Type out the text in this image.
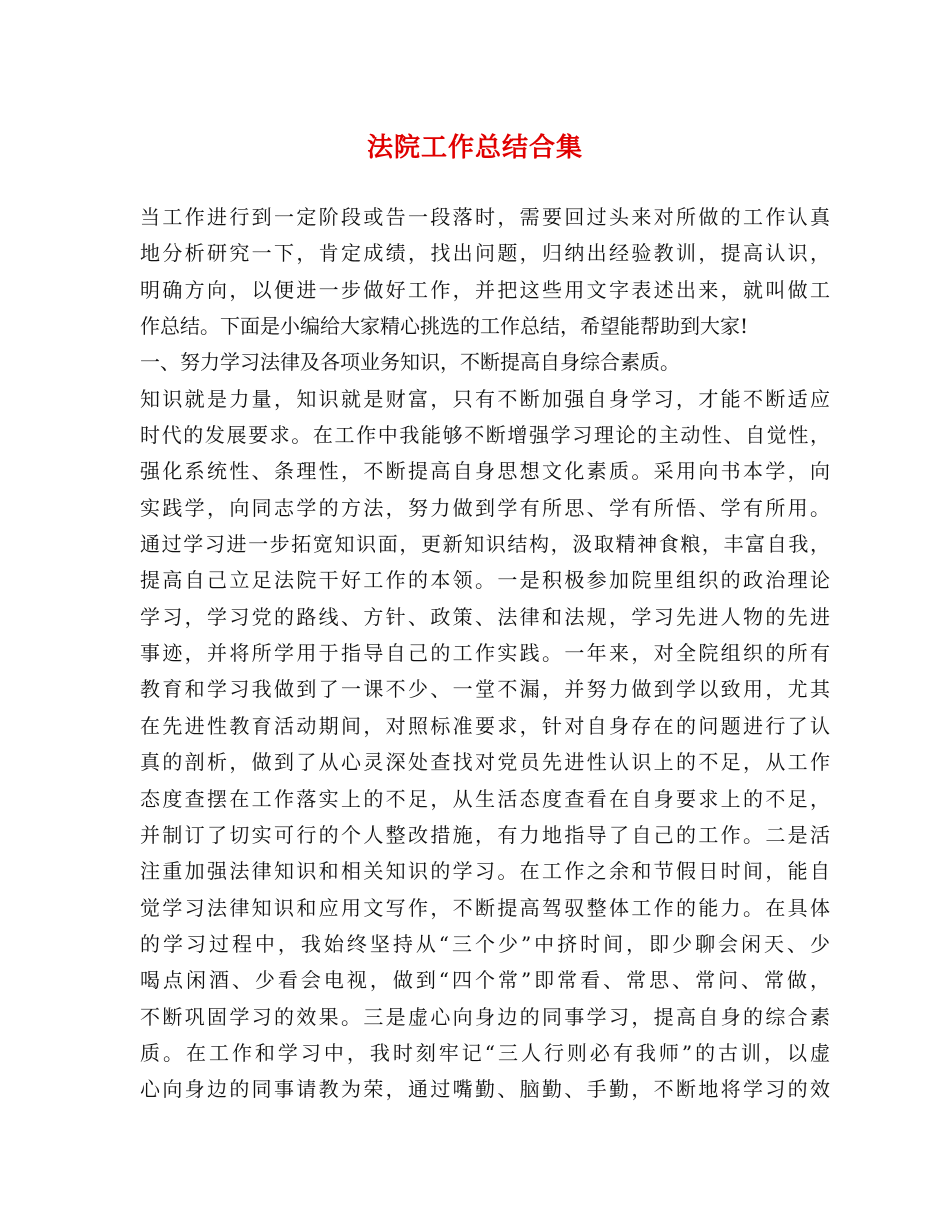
法院工作总结合集
当工作进行到一定阶段或告一段落时，需要回过头来对所做的工作认真
地分析研究一下，肯定成绩，找出问题，归纳出经验教训，提高认识，
明确方向，以便进一步做好工作，并把这些用文字表述出来，就叫做工
作总结。下面是小编给大家精心挑选的工作总结，希望能帮助到大家!
一、努力学习法律及各项业务知识，不断提高自身综合素质。
知识就是力量，知识就是财富，只有不断加强自身学习，才能不断适应
时代的发展要求。在工作中我能够不断增强学习理论的主动性、自觉性，
强化系统性、条理性，不断提高自身思想文化素质。采用向书本学，向
实践学，向同志学的方法，努力做到学有所思、学有所悟、学有所用。
通过学习进一步拓宽知识面，更新知识结构，汲取精神食粮，丰富自我，
提高自己立足法院干好工作的本领。一是积极参加院里组织的政治理论
学习，学习党的路线、方针、政策、法律和法规，学习先进人物的先进
事迹，并将所学用于指导自己的工作实践。一年来，对全院组织的所有
教育和学习我做到了一课不少、一堂不漏，并努力做到学以致用，尤其
在先进性教育活动期间，对照标准要求，针对自身存在的问题进行了认
真的剖析，做到了从心灵深处查找对党员先进性认识上的不足，从工作
态度查摆在工作落实上的不足，从生活态度查看在自身要求上的不足，
并制订了切实可行的个人整改措施，有力地指导了自己的工作。二是活
注重加强法律知识和相关知识的学习。在工作之余和节假日时间，能自
觉学习法律知识和应用文写作，不断提高驾驭整体工作的能力。在具体
的学习过程中，我始终坚持从“三个少”中挤时间，即少聊会闲天、少
喝点闲酒、少看会电视，做到“四个常”即常看、常思、常问、常做，
不断巩固学习的效果。三是虚心向身边的同事学习，提高自身的综合素
质。在工作和学习中，我时刻牢记“三人行则必有我师”的古训，以虚
心向身边的同事请教为荣，通过嘴勤、脑勤、手勤，不断地将学习的效
